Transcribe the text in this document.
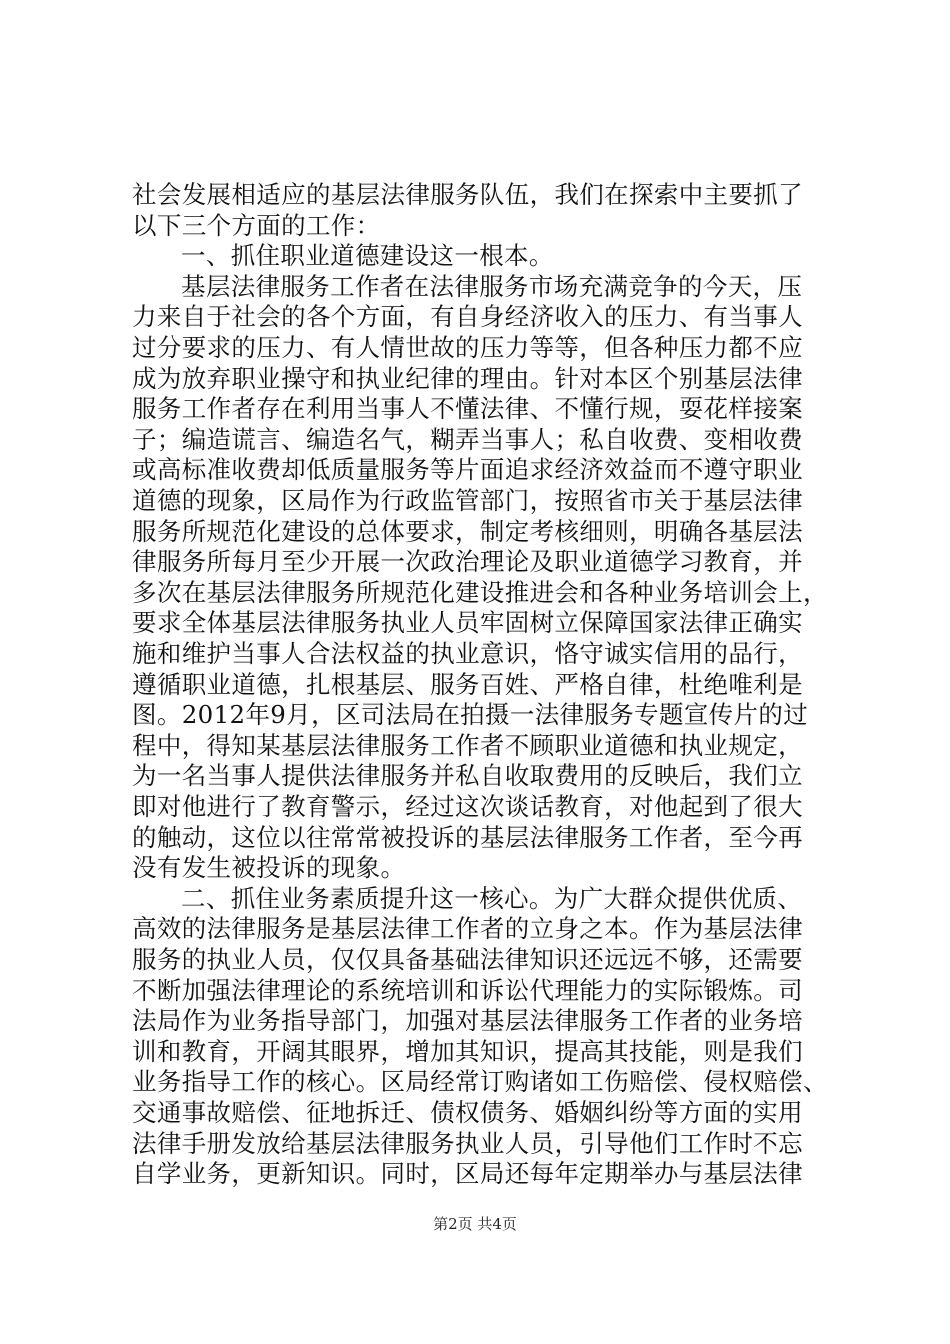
第2页 共4页
社会发展相适应的基层法律服务队伍，我们在探索中主要抓了
以下三个方面的工作：
一、抓住职业道德建设这一根本。
基层法律服务工作者在法律服务市场充满竞争的今天，压
力来自于社会的各个方面，有自身经济收入的压力、有当事人
过分要求的压力、有人情世故的压力等等，但各种压力都不应
成为放弃职业操守和执业纪律的理由。针对本区个别基层法律
服务工作者存在利用当事人不懂法律、不懂行规，耍花样接案
子；编造谎言、编造名气，糊弄当事人；私自收费、变相收费
或高标准收费却低质量服务等片面追求经济效益而不遵守职业
道德的现象，区局作为行政监管部门，按照省市关于基层法律
服务所规范化建设的总体要求，制定考核细则，明确各基层法
律服务所每月至少开展一次政治理论及职业道德学习教育，并
多次在基层法律服务所规范化建设推进会和各种业务培训会上，
要求全体基层法律服务执业人员牢固树立保障国家法律正确实
施和维护当事人合法权益的执业意识，恪守诚实信用的品行，
遵循职业道德，扎根基层、服务百姓、严格自律，杜绝唯利是
图。2012年9月，区司法局在拍摄一法律服务专题宣传片的过
程中，得知某基层法律服务工作者不顾职业道德和执业规定，
为一名当事人提供法律服务并私自收取费用的反映后，我们立
即对他进行了教育警示，经过这次谈话教育，对他起到了很大
的触动，这位以往常常被投诉的基层法律服务工作者，至今再
没有发生被投诉的现象。
二、抓住业务素质提升这一核心。为广大群众提供优质、
高效的法律服务是基层法律工作者的立身之本。作为基层法律
服务的执业人员，仅仅具备基础法律知识还远远不够，还需要
不断加强法律理论的系统培训和诉讼代理能力的实际锻炼。司
法局作为业务指导部门，加强对基层法律服务工作者的业务培
训和教育，开阔其眼界，增加其知识，提高其技能，则是我们
业务指导工作的核心。区局经常订购诸如工伤赔偿、侵权赔偿、
交通事故赔偿、征地拆迁、债权债务、婚姻纠纷等方面的实用
法律手册发放给基层法律服务执业人员，引导他们工作时不忘
自学业务，更新知识。同时，区局还每年定期举办与基层法律
